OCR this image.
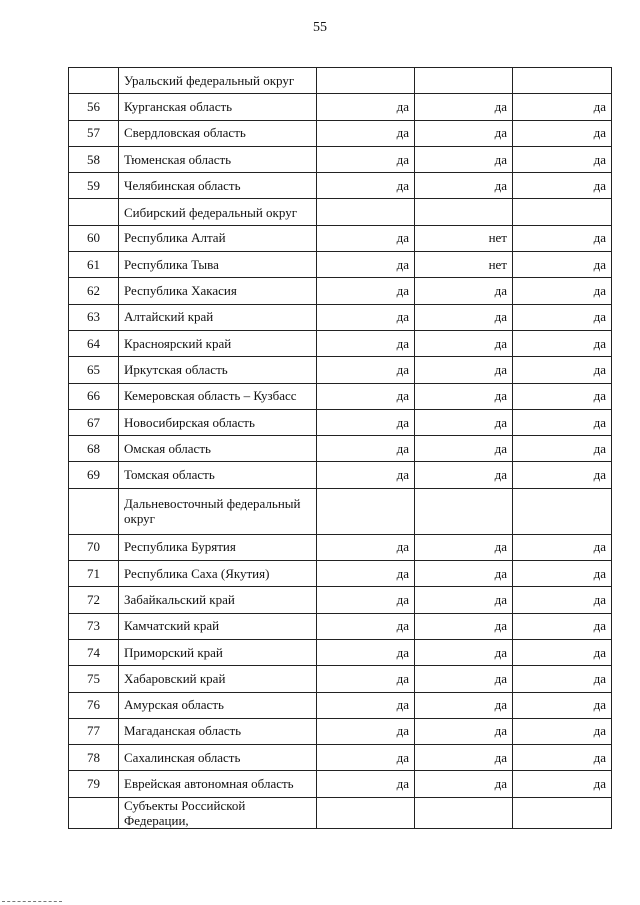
55
	Уральский федеральный округ			
56	Курганская область	да	да	да
57	Свердловская область	да	да	да
58	Тюменская область	да	да	да
59	Челябинская область	да	да	да
	Сибирский федеральный округ			
60	Республика Алтай	да	нет	да
61	Республика Тыва	да	нет	да
62	Республика Хакасия	да	да	да
63	Алтайский край	да	да	да
64	Красноярский край	да	да	да
65	Иркутская область	да	да	да
66	Кемеровская область – Кузбасс	да	да	да
67	Новосибирская область	да	да	да
68	Омская область	да	да	да
69	Томская область	да	да	да
	Дальневосточный федеральный округ			
70	Республика Бурятия	да	да	да
71	Республика Саха (Якутия)	да	да	да
72	Забайкальский край	да	да	да
73	Камчатский край	да	да	да
74	Приморский край	да	да	да
75	Хабаровский край	да	да	да
76	Амурская область	да	да	да
77	Магаданская область	да	да	да
78	Сахалинская область	да	да	да
79	Еврейская автономная область	да	да	да
	Субъекты Российской Федерации,			
